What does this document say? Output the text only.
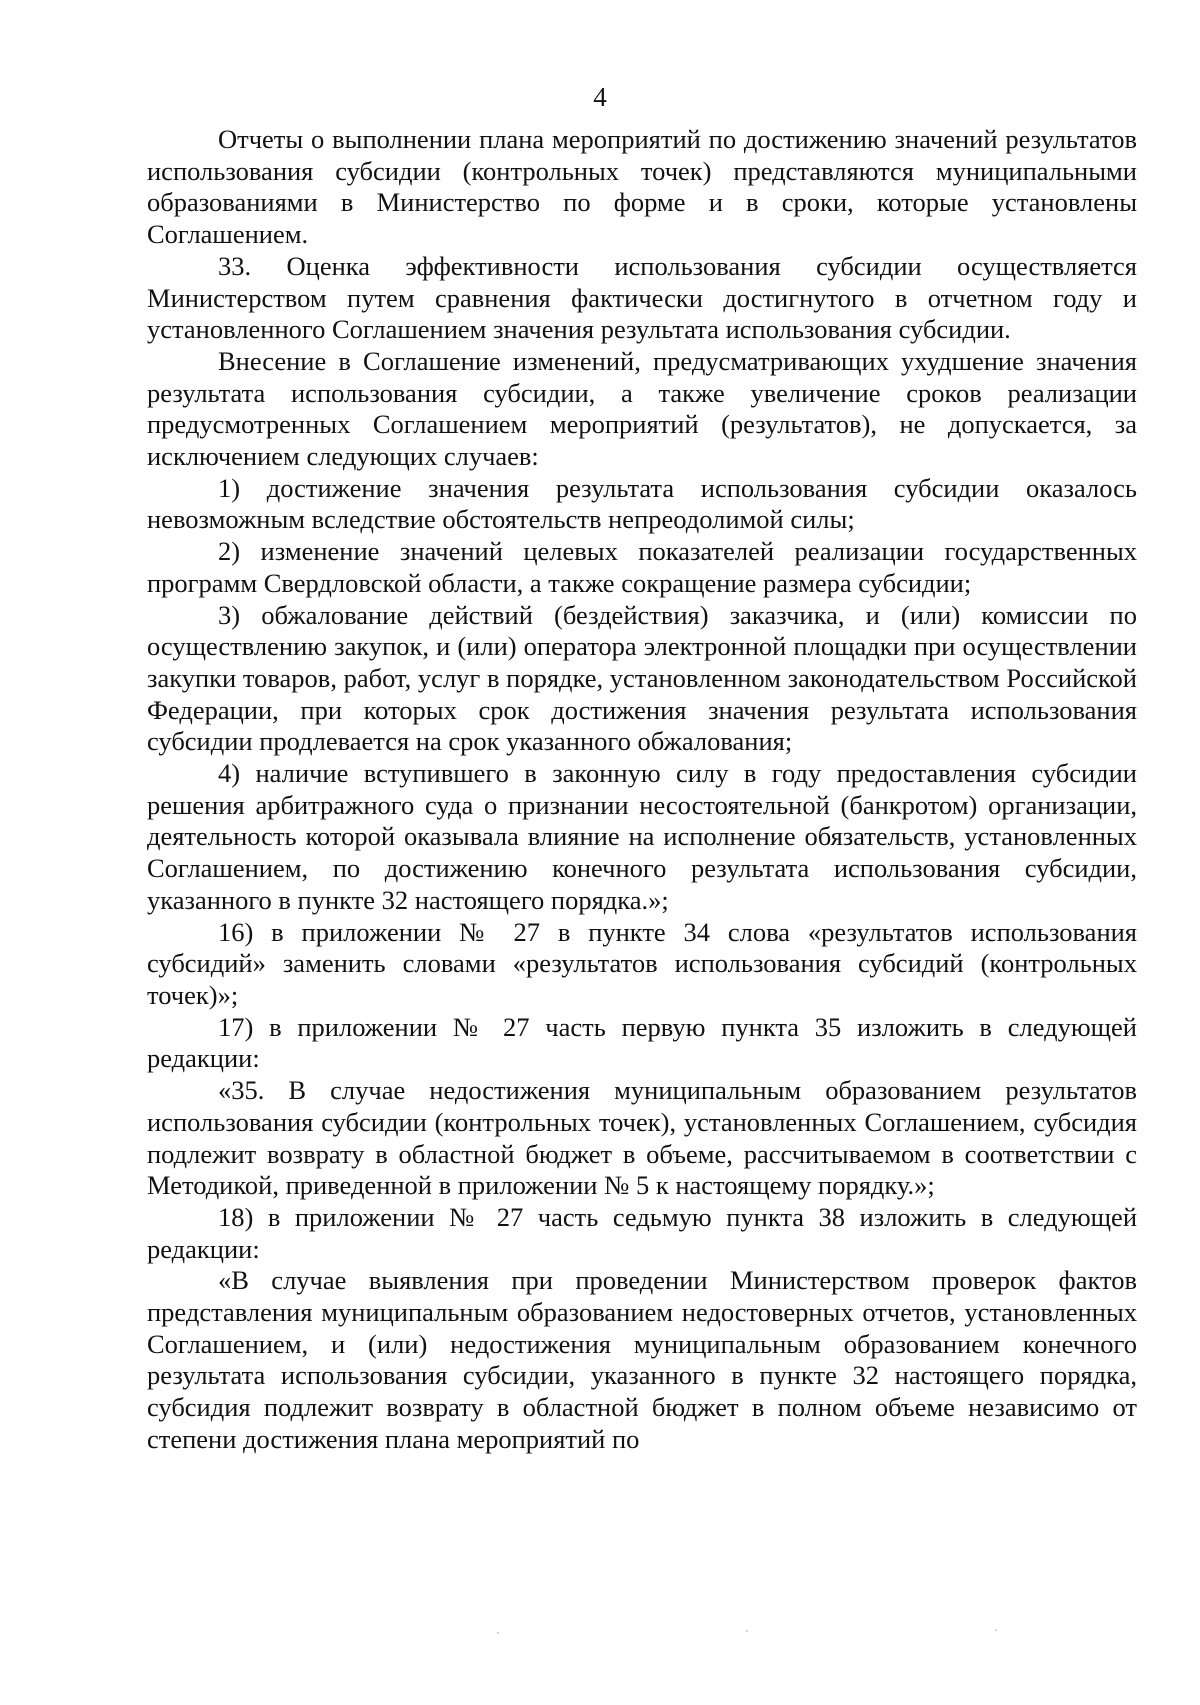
4

Отчеты о выполнении плана мероприятий по достижению значений результатов использования субсидии (контрольных точек) представляются муниципальными образованиями в Министерство по форме и в сроки, которые установлены Соглашением.

33. Оценка эффективности использования субсидии осуществляется Министерством путем сравнения фактически достигнутого в отчетном году и установленного Соглашением значения результата использования субсидии.

Внесение в Соглашение изменений, предусматривающих ухудшение значения результата использования субсидии, а также увеличение сроков реализации предусмотренных Соглашением мероприятий (результатов), не допускается, за исключением следующих случаев:

1) достижение значения результата использования субсидии оказалось невозможным вследствие обстоятельств непреодолимой силы;

2) изменение значений целевых показателей реализации государственных программ Свердловской области, а также сокращение размера субсидии;

3) обжалование действий (бездействия) заказчика, и (или) комиссии по осуществлению закупок, и (или) оператора электронной площадки при осуществлении закупки товаров, работ, услуг в порядке, установленном законодательством Российской Федерации, при которых срок достижения значения результата использования субсидии продлевается на срок указанного обжалования;

4) наличие вступившего в законную силу в году предоставления субсидии решения арбитражного суда о признании несостоятельной (банкротом) организации, деятельность которой оказывала влияние на исполнение обязательств, установленных Соглашением, по достижению конечного результата использования субсидии, указанного в пункте 32 настоящего порядка.»;

16) в приложении № 27 в пункте 34 слова «результатов использования субсидий» заменить словами «результатов использования субсидий (контрольных точек)»;

17) в приложении № 27 часть первую пункта 35 изложить в следующей редакции:

«35. В случае недостижения муниципальным образованием результатов использования субсидии (контрольных точек), установленных Соглашением, субсидия подлежит возврату в областной бюджет в объеме, рассчитываемом в соответствии с Методикой, приведенной в приложении № 5 к настоящему порядку.»;

18) в приложении № 27 часть седьмую пункта 38 изложить в следующей редакции:

«В случае выявления при проведении Министерством проверок фактов представления муниципальным образованием недостоверных отчетов, установленных Соглашением, и (или) недостижения муниципальным образованием конечного результата использования субсидии, указанного в пункте 32 настоящего порядка, субсидия подлежит возврату в областной бюджет в полном объеме независимо от степени достижения плана мероприятий по
